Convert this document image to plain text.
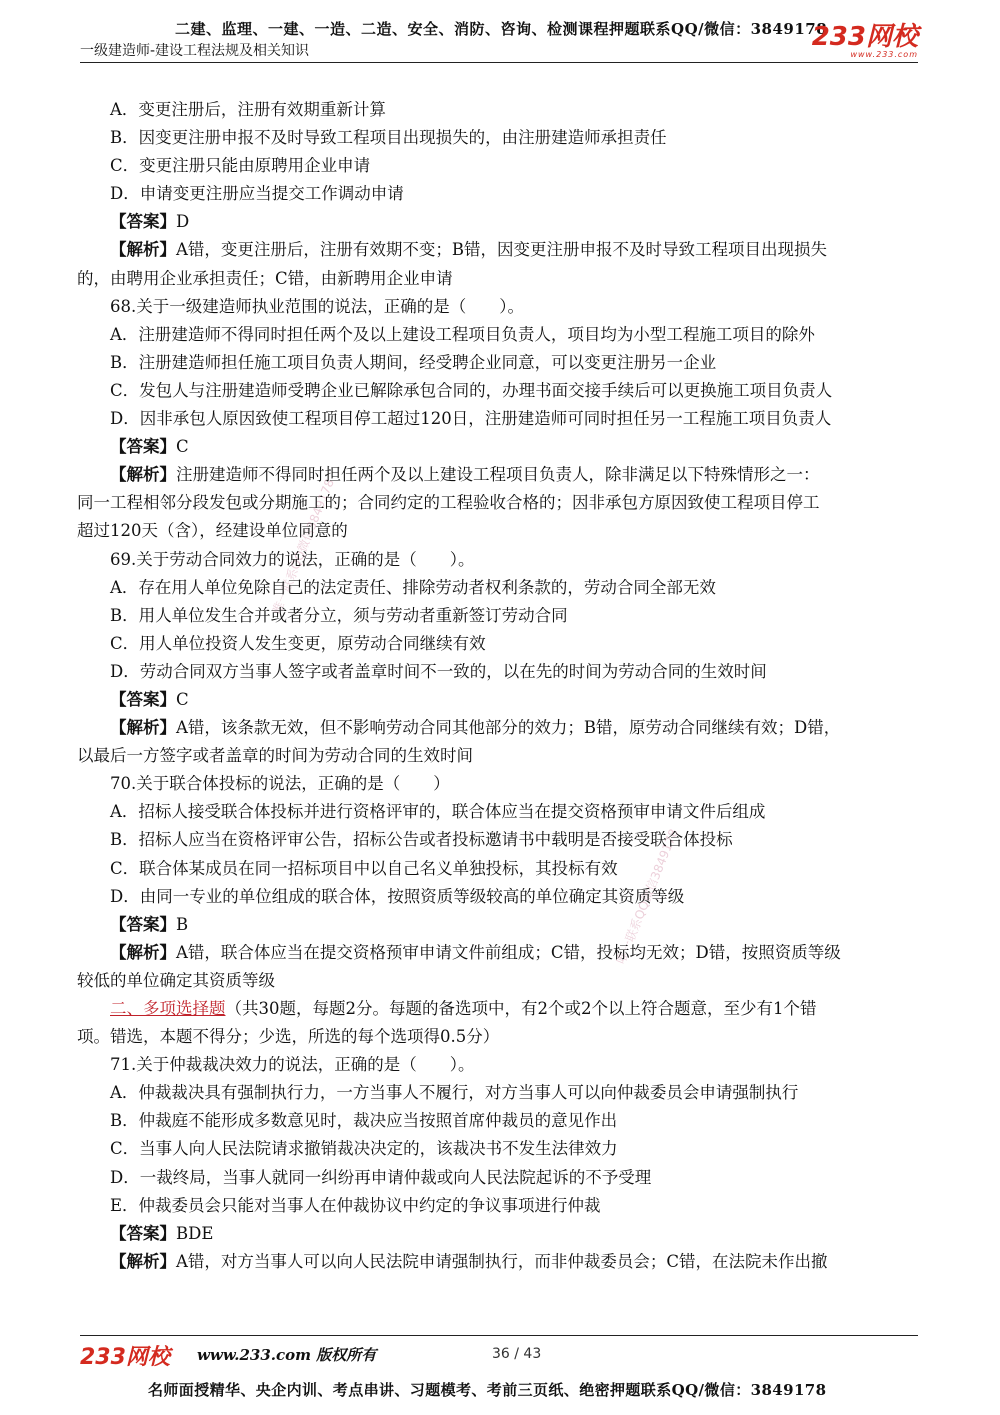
二建、监理、一建、一造、二造、安全、消防、咨询、检测课程押题联系QQ/微信：3849178
一级建造师-建设工程法规及相关知识	233网校
www.233.com
唯一联系QQ微信3849178
唯一联系QQ微信3849178
A．变更注册后，注册有效期重新计算
B．因变更注册申报不及时导致工程项目出现损失的，由注册建造师承担责任
C．变更注册只能由原聘用企业申请
D．申请变更注册应当提交工作调动申请
【答案】D
【解析】A错，变更注册后，注册有效期不变；B错，因变更注册申报不及时导致工程项目出现损失
的，由聘用企业承担责任；C错，由新聘用企业申请
68.关于一级建造师执业范围的说法，正确的是（　　）。
A．注册建造师不得同时担任两个及以上建设工程项目负责人，项目均为小型工程施工项目的除外
B．注册建造师担任施工项目负责人期间，经受聘企业同意，可以变更注册另一企业
C．发包人与注册建造师受聘企业已解除承包合同的，办理书面交接手续后可以更换施工项目负责人
D．因非承包人原因致使工程项目停工超过120日，注册建造师可同时担任另一工程施工项目负责人
【答案】C
【解析】注册建造师不得同时担任两个及以上建设工程项目负责人，除非满足以下特殊情形之一：
同一工程相邻分段发包或分期施工的；合同约定的工程验收合格的；因非承包方原因致使工程项目停工
超过120天（含），经建设单位同意的
69.关于劳动合同效力的说法，正确的是（　　）。
A．存在用人单位免除自己的法定责任、排除劳动者权利条款的，劳动合同全部无效
B．用人单位发生合并或者分立，须与劳动者重新签订劳动合同
C．用人单位投资人发生变更，原劳动合同继续有效
D．劳动合同双方当事人签字或者盖章时间不一致的，以在先的时间为劳动合同的生效时间
【答案】C
【解析】A错，该条款无效，但不影响劳动合同其他部分的效力；B错，原劳动合同继续有效；D错，
以最后一方签字或者盖章的时间为劳动合同的生效时间
70.关于联合体投标的说法，正确的是（　　）
A．招标人接受联合体投标并进行资格评审的，联合体应当在提交资格预审申请文件后组成
B．招标人应当在资格评审公告，招标公告或者投标邀请书中载明是否接受联合体投标
C．联合体某成员在同一招标项目中以自己名义单独投标，其投标有效
D．由同一专业的单位组成的联合体，按照资质等级较高的单位确定其资质等级
【答案】B
【解析】A错，联合体应当在提交资格预审申请文件前组成；C错，投标均无效；D错，按照资质等级
较低的单位确定其资质等级
二、多项选择题（共30题，每题2分。每题的备选项中，有2个或2个以上符合题意，至少有1个错
项。错选，本题不得分；少选，所选的每个选项得0.5分）
71.关于仲裁裁决效力的说法，正确的是（　　）。
A．仲裁裁决具有强制执行力，一方当事人不履行，对方当事人可以向仲裁委员会申请强制执行
B．仲裁庭不能形成多数意见时，裁决应当按照首席仲裁员的意见作出
C．当事人向人民法院请求撤销裁决决定的，该裁决书不发生法律效力
D．一裁终局，当事人就同一纠纷再申请仲裁或向人民法院起诉的不予受理
E．仲裁委员会只能对当事人在仲裁协议中约定的争议事项进行仲裁
【答案】BDE
【解析】A错，对方当事人可以向人民法院申请强制执行，而非仲裁委员会；C错，在法院未作出撤
233网校 www.233.com 版权所有	36 / 43
名师面授精华、央企内训、考点串讲、习题模考、考前三页纸、绝密押题联系QQ/微信：3849178
